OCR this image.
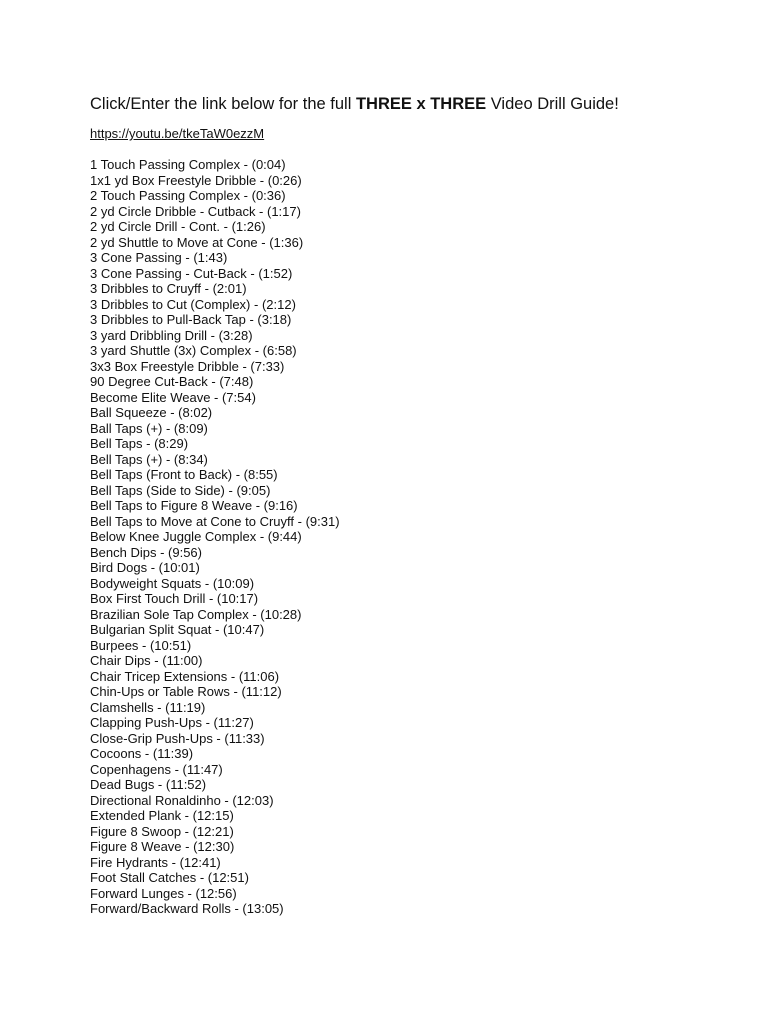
Click/Enter the link below for the full THREE x THREE Video Drill Guide!
https://youtu.be/tkeTaW0ezzM
1 Touch Passing Complex - (0:04)
1x1 yd Box Freestyle Dribble - (0:26)
2 Touch Passing Complex - (0:36)
2 yd Circle Dribble - Cutback - (1:17)
2 yd Circle Drill - Cont. - (1:26)
2 yd Shuttle to Move at Cone - (1:36)
3 Cone Passing - (1:43)
3 Cone Passing - Cut-Back - (1:52)
3 Dribbles to Cruyff - (2:01)
3 Dribbles to Cut (Complex) - (2:12)
3 Dribbles to Pull-Back Tap - (3:18)
3 yard Dribbling Drill - (3:28)
3 yard Shuttle (3x) Complex - (6:58)
3x3 Box Freestyle Dribble - (7:33)
90 Degree Cut-Back - (7:48)
Become Elite Weave - (7:54)
Ball Squeeze - (8:02)
Ball Taps (+) - (8:09)
Bell Taps - (8:29)
Bell Taps (+) - (8:34)
Bell Taps (Front to Back) - (8:55)
Bell Taps (Side to Side) - (9:05)
Bell Taps to Figure 8 Weave - (9:16)
Bell Taps to Move at Cone to Cruyff - (9:31)
Below Knee Juggle Complex - (9:44)
Bench Dips - (9:56)
Bird Dogs - (10:01)
Bodyweight Squats - (10:09)
Box First Touch Drill - (10:17)
Brazilian Sole Tap Complex - (10:28)
Bulgarian Split Squat - (10:47)
Burpees - (10:51)
Chair Dips - (11:00)
Chair Tricep Extensions - (11:06)
Chin-Ups or Table Rows - (11:12)
Clamshells - (11:19)
Clapping Push-Ups - (11:27)
Close-Grip Push-Ups - (11:33)
Cocoons - (11:39)
Copenhagens - (11:47)
Dead Bugs - (11:52)
Directional Ronaldinho - (12:03)
Extended Plank - (12:15)
Figure 8 Swoop - (12:21)
Figure 8 Weave - (12:30)
Fire Hydrants - (12:41)
Foot Stall Catches - (12:51)
Forward Lunges - (12:56)
Forward/Backward Rolls - (13:05)
